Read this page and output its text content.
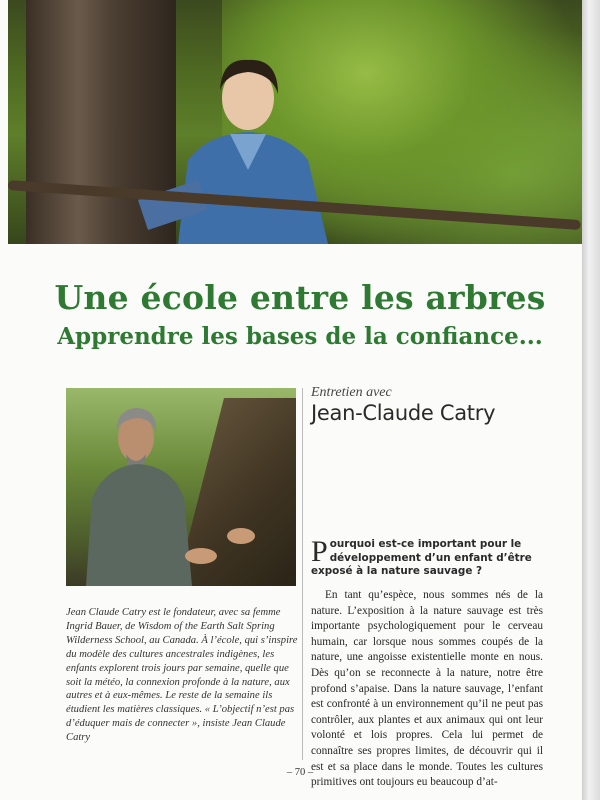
Une école entre les arbres
Apprendre les bases de la confiance...

Jean Claude Catry est le fondateur, avec sa femme Ingrid Bauer, de Wisdom of the Earth Salt Spring Wilderness School, au Canada. À l’école, qui s’inspire du modèle des cultures ancestrales indigènes, les enfants explorent trois jours par semaine, quelle que soit la météo, la connexion profonde à la nature, aux autres et à eux-mêmes. Le reste de la semaine ils étudient les matières classiques. « L’objectif n’est pas d’éduquer mais de connecter », insiste Jean Claude Catry

Entretien avec
Jean-Claude Catry

Pourquoi est-ce important pour le développement d’un enfant d’être exposé à la nature sauvage ?

En tant qu’espèce, nous sommes nés de la nature. L’exposition à la nature sauvage est très importante psychologiquement pour le cerveau humain, car lorsque nous sommes coupés de la nature, une angoisse existentielle monte en nous. Dès qu’on se reconnecte à la nature, notre être profond s’apaise. Dans la nature sauvage, l’enfant est confronté à un environnement qu’il ne peut pas contrôler, aux plantes et aux animaux qui ont leur volonté et lois propres. Cela lui permet de connaître ses propres limites, de découvrir qui il est et sa place dans le monde. Toutes les cultures primitives ont toujours eu beaucoup d’at-

– 70 –
